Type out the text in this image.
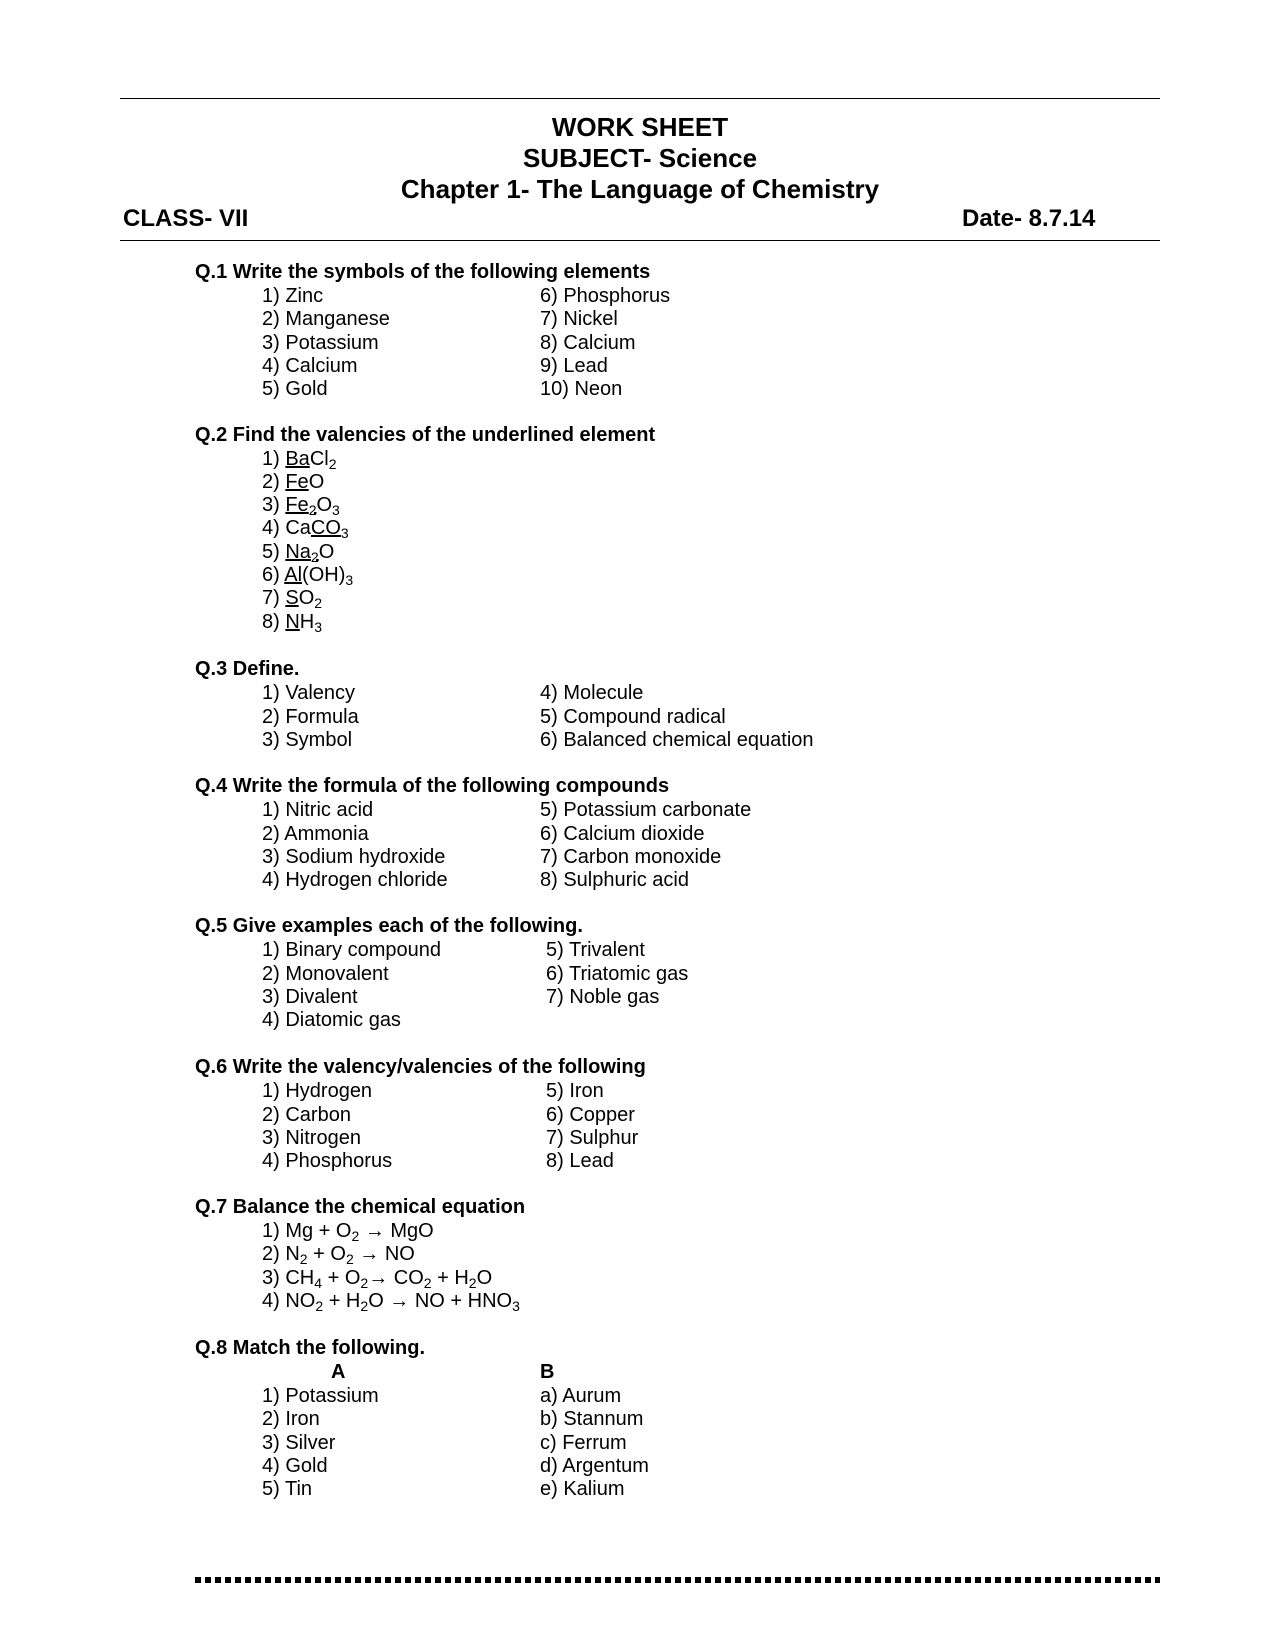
WORK SHEET
SUBJECT- Science
Chapter 1- The Language of Chemistry
CLASS- VII	Date- 8.7.14
Q.1 Write the symbols of the following elements
1) Zinc
2) Manganese
3) Potassium
4) Calcium
5) Gold
6) Phosphorus
7) Nickel
8) Calcium
9) Lead
10) Neon
Q.2 Find the valencies of the underlined element
1) BaCl$_2$
2) FeO
3) $Fe_2O_3$
4) CaCO$_3$
5) $Na_2O$
6) $Al(OH)_3$
7) $SO_2$
8) $NH_3$
Q.3 Define.
1) Valency
2) Formula
3) Symbol
4) Molecule
5) Compound radical
6) Balanced chemical equation
Q.4 Write the formula of the following compounds
1) Nitric acid
2) Ammonia
3) Sodium hydroxide
4) Hydrogen chloride
5) Potassium carbonate
6) Calcium dioxide
7) Carbon monoxide
8) Sulphuric acid
Q.5 Give examples each of the following.
1) Binary compound
2) Monovalent
3) Divalent
4) Diatomic gas
5) Trivalent
6) Triatomic gas
7) Noble gas
Q.6 Write the valency/valencies of the following
1) Hydrogen
2) Carbon
3) Nitrogen
4) Phosphorus
5) Iron
6) Copper
7) Sulphur
8) Lead
Q.7 Balance the chemical equation
1) $Mg + O_2$ → MgO
2) $N_2 + O_2$ → NO
3) $CH_4 + O_2\to CO_2 + H_2O$
4) $NO_2 + H_2O$ → NO + $HNO_3$
Q.8 Match the following.
A	B
1) Potassium
2) Iron
3) Silver
4) Gold
5) Tin
a) Aurum
b) Stannum
c) Ferrum
d) Argentum
e) Kalium
